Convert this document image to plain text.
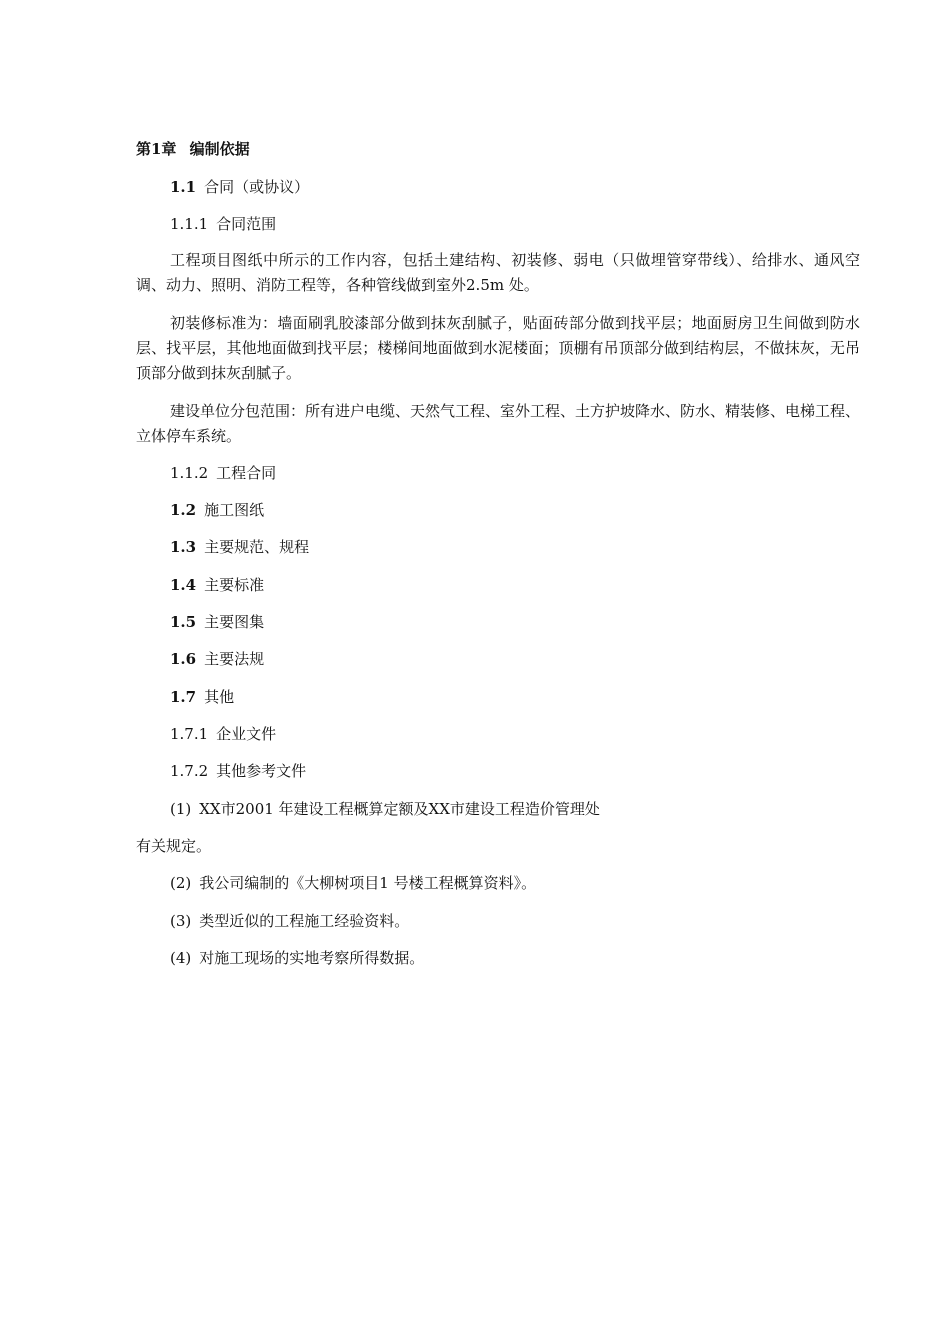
第1章 编制依据
1.1 合同（或协议）
1.1.1 合同范围
工程项目图纸中所示的工作内容，包括土建结构、初装修、弱电（只做埋管穿带线）、给排水、通风空调、动力、照明、消防工程等，各种管线做到室外2.5m 处。
初装修标准为：墙面刷乳胶漆部分做到抹灰刮腻子，贴面砖部分做到找平层；地面厨房卫生间做到防水层、找平层，其他地面做到找平层；楼梯间地面做到水泥楼面；顶棚有吊顶部分做到结构层，不做抹灰，无吊顶部分做到抹灰刮腻子。
建设单位分包范围：所有进户电缆、天然气工程、室外工程、土方护坡降水、防水、精装修、电梯工程、立体停车系统。
1.1.2 工程合同
1.2 施工图纸
1.3 主要规范、规程
1.4 主要标准
1.5 主要图集
1.6 主要法规
1.7 其他
1.7.1 企业文件
1.7.2 其他参考文件
(1) XX市2001 年建设工程概算定额及XX市建设工程造价管理处
有关规定。
(2) 我公司编制的《大柳树项目1 号楼工程概算资料》。
(3) 类型近似的工程施工经验资料。
(4) 对施工现场的实地考察所得数据。
